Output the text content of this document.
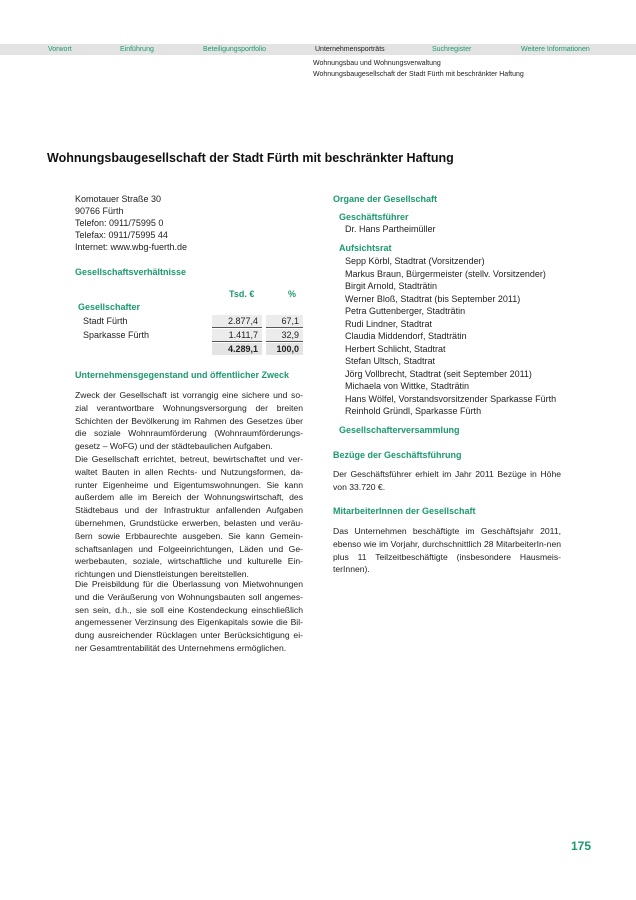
Vorwort	Einführung	Beteiligungsportfolio	Unternehmensporträts	Suchregister	Weitere Informationen
Wohnungsbau und Wohnungsverwaltung
Wohnungsbaugesellschaft der Stadt Fürth mit beschränkter Haftung
Wohnungsbaugesellschaft der Stadt Fürth mit beschränkter Haftung
Komotauer Straße 30
90766 Fürth
Telefon: 0911/75995 0
Telefax: 0911/75995 44
Internet: www.wbg-fuerth.de
Gesellschaftsverhältnisse
Tsd. €	%
Gesellschafter
Stadt Fürth	2.877,4	67,1
Sparkasse Fürth	1.411,7	32,9
4.289,1	100,0
Unternehmensgegenstand und öffentlicher Zweck

Zweck der Gesellschaft ist vorrangig eine sichere und so-zial verantwortbare Wohnungsversorgung der breiten Schichten der Bevölkerung im Rahmen des Gesetzes über die soziale Wohnraumförderung (Wohnraumförderungs-gesetz – WoFG) und der städtebaulichen Aufgaben.

Die Gesellschaft errichtet, betreut, bewirtschaftet und ver-waltet Bauten in allen Rechts- und Nutzungsformen, da-runter Eigenheime und Eigentumswohnungen. Sie kann außerdem alle im Bereich der Wohnungswirtschaft, des Städtebaus und der Infrastruktur anfallenden Aufgaben übernehmen, Grundstücke erwerben, belasten und veräu-ßern sowie Erbbaurechte ausgeben. Sie kann Gemein-schaftsanlagen und Folgeeinrichtungen, Läden und Ge-werbebauten, soziale, wirtschaftliche und kulturelle Ein-richtungen und Dienstleistungen bereitstellen.

Die Preisbildung für die Überlassung von Mietwohnungen und die Veräußerung von Wohnungsbauten soll angemes-sen sein, d.h., sie soll eine Kostendeckung einschließlich angemessener Verzinsung des Eigenkapitals sowie die Bil-dung ausreichender Rücklagen unter Berücksichtigung ei-ner Gesamtrentabilität des Unternehmens ermöglichen.

Organe der Gesellschaft
Geschäftsführer
Dr. Hans Partheimüller
Aufsichtsrat
Sepp Körbl, Stadtrat (Vorsitzender)
Markus Braun, Bürgermeister (stellv. Vorsitzender)
Birgit Arnold, Stadträtin
Werner Bloß, Stadtrat (bis September 2011)
Petra Guttenberger, Stadträtin
Rudi Lindner, Stadtrat
Claudia Middendorf, Stadträtin
Herbert Schlicht, Stadtrat
Stefan Ultsch, Stadtrat
Jörg Vollbrecht, Stadtrat (seit September 2011)
Michaela von Wittke, Stadträtin
Hans Wölfel, Vorstandsvorsitzender Sparkasse Fürth
Reinhold Gründl, Sparkasse Fürth
Gesellschafterversammlung
Bezüge der Geschäftsführung

Der Geschäftsführer erhielt im Jahr 2011 Bezüge in Höhe von 33.720 €.

MitarbeiterInnen der Gesellschaft

Das Unternehmen beschäftigte im Geschäftsjahr 2011, ebenso wie im Vorjahr, durchschnittlich 28 MitarbeiterIn-nen plus 11 Teilzeitbeschäftigte (insbesondere Hausmeis-terInnen).

175
